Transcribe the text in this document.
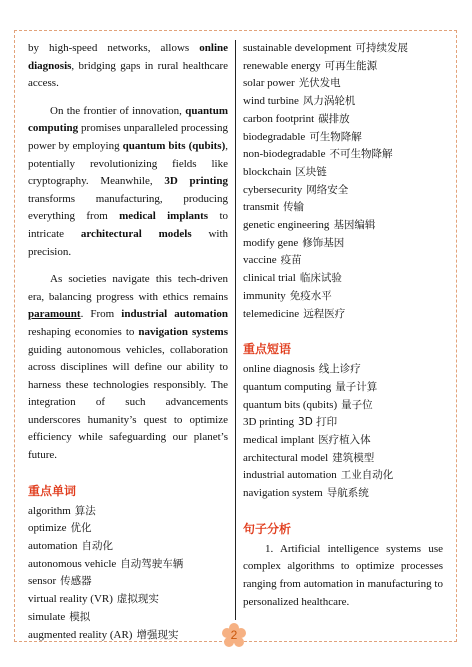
by high-speed networks, allows online diagnosis, bridging gaps in rural healthcare access.

On the frontier of innovation, quantum computing promises unparalleled processing power by employing quantum bits (qubits), potentially revolutionizing fields like cryptography. Meanwhile, 3D printing transforms manufacturing, producing everything from medical implants to intricate architectural models with precision.

As societies navigate this tech-driven era, balancing progress with ethics remains paramount. From industrial automation reshaping economies to navigation systems guiding autonomous vehicles, collaboration across disciplines will define our ability to harness these technologies responsibly. The integration of such advancements underscores humanity’s quest to optimize efficiency while safeguarding our planet’s future.

重点单词
algorithm 算法
optimize 优化
automation 自动化
autonomous vehicle 自动驾驶车辆
sensor 传感器
virtual reality (VR) 虚拟现实
simulate 模拟
augmented reality (AR) 增强现实
sustainable development 可持续发展
renewable energy 可再生能源
solar power 光伏发电
wind turbine 风力涡轮机
carbon footprint 碳排放
biodegradable 可生物降解
non-biodegradable 不可生物降解
blockchain 区块链
cybersecurity 网络安全
transmit 传输
genetic engineering 基因编辑
modify gene 修饰基因
vaccine 疫苗
clinical trial 临床试验
immunity 免疫水平
telemedicine 远程医疗
重点短语
online diagnosis 线上诊疗
quantum computing 量子计算
quantum bits (qubits) 量子位
3D printing 3D 打印
medical implant 医疗植入体
architectural model 建筑模型
industrial automation 工业自动化
navigation system 导航系统
句子分析

1. Artificial intelligence systems use complex algorithms to optimize processes ranging from automation in manufacturing to personalized healthcare.

2
